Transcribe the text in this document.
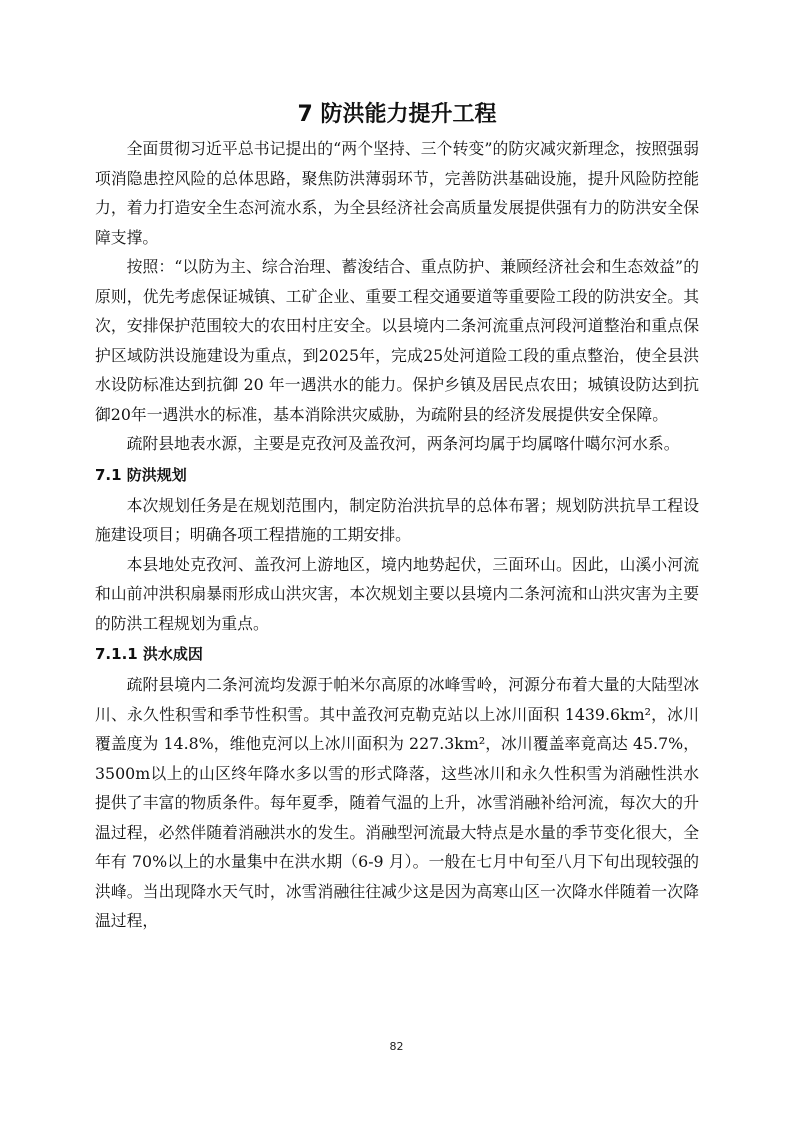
7 防洪能力提升工程

全面贯彻习近平总书记提出的“两个坚持、三个转变”的防灾减灾新理念，按照强弱项消隐患控风险的总体思路，聚焦防洪薄弱环节，完善防洪基础设施，提升风险防控能力，着力打造安全生态河流水系，为全县经济社会高质量发展提供强有力的防洪安全保障支撑。

按照：“以防为主、综合治理、蓄浚结合、重点防护、兼顾经济社会和生态效益”的原则，优先考虑保证城镇、工矿企业、重要工程交通要道等重要险工段的防洪安全。其次，安排保护范围较大的农田村庄安全。以县境内二条河流重点河段河道整治和重点保护区域防洪设施建设为重点，到2025年，完成25处河道险工段的重点整治，使全县洪水设防标准达到抗御 20 年一遇洪水的能力。保护乡镇及居民点农田；城镇设防达到抗御20年一遇洪水的标准，基本消除洪灾威胁，为疏附县的经济发展提供安全保障。

疏附县地表水源，主要是克孜河及盖孜河，两条河均属于均属喀什噶尔河水系。

7.1 防洪规划

本次规划任务是在规划范围内，制定防治洪抗旱的总体布署；规划防洪抗旱工程设施建设项目；明确各项工程措施的工期安排。

本县地处克孜河、盖孜河上游地区，境内地势起伏，三面环山。因此，山溪小河流和山前冲洪积扇暴雨形成山洪灾害，本次规划主要以县境内二条河流和山洪灾害为主要的防洪工程规划为重点。

7.1.1 洪水成因

疏附县境内二条河流均发源于帕米尔高原的冰峰雪岭，河源分布着大量的大陆型冰川、永久性积雪和季节性积雪。其中盖孜河克勒克站以上冰川面积 1439.6km²，冰川覆盖度为 14.8%，维他克河以上冰川面积为 227.3km²，冰川覆盖率竟高达 45.7%，3500m以上的山区终年降水多以雪的形式降落，这些冰川和永久性积雪为消融性洪水提供了丰富的物质条件。每年夏季，随着气温的上升，冰雪消融补给河流，每次大的升温过程，必然伴随着消融洪水的发生。消融型河流最大特点是水量的季节变化很大，全年有 70%以上的水量集中在洪水期（6-9 月）。一般在七月中旬至八月下旬出现较强的洪峰。当出现降水天气时，冰雪消融往往减少这是因为高寒山区一次降水伴随着一次降温过程，

82
